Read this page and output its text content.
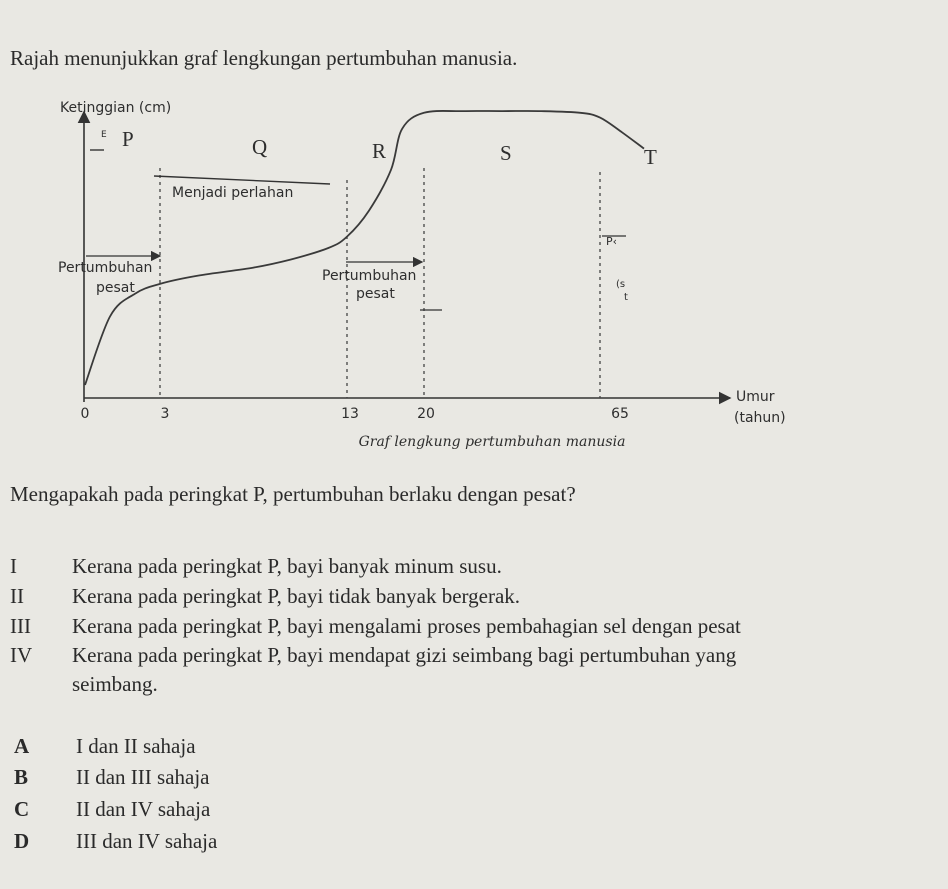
Rajah menunjukkan graf lengkungan pertumbuhan manusia.
Ketinggian (cm)
Umur
(tahun)
0	3	13	20	65
P	Q	R	S	T
E
Menjadi perlahan
Pertumbuhan
pesat
Pertumbuhan
pesat
P‹
(s
t
Graf lengkung pertumbuhan manusia
Mengapakah pada peringkat P, pertumbuhan berlaku dengan pesat?
I	Kerana pada peringkat P, bayi banyak minum susu.
II Kerana pada peringkat P, bayi tidak banyak bergerak.
III Kerana pada peringkat P, bayi mengalami proses pembahagian sel dengan pesat
IV Kerana pada peringkat P, bayi mendapat gizi seimbang bagi pertumbuhan yang
seimbang.
A I dan II sahaja
B II dan III sahaja
C II dan IV sahaja
D III dan IV sahaja
